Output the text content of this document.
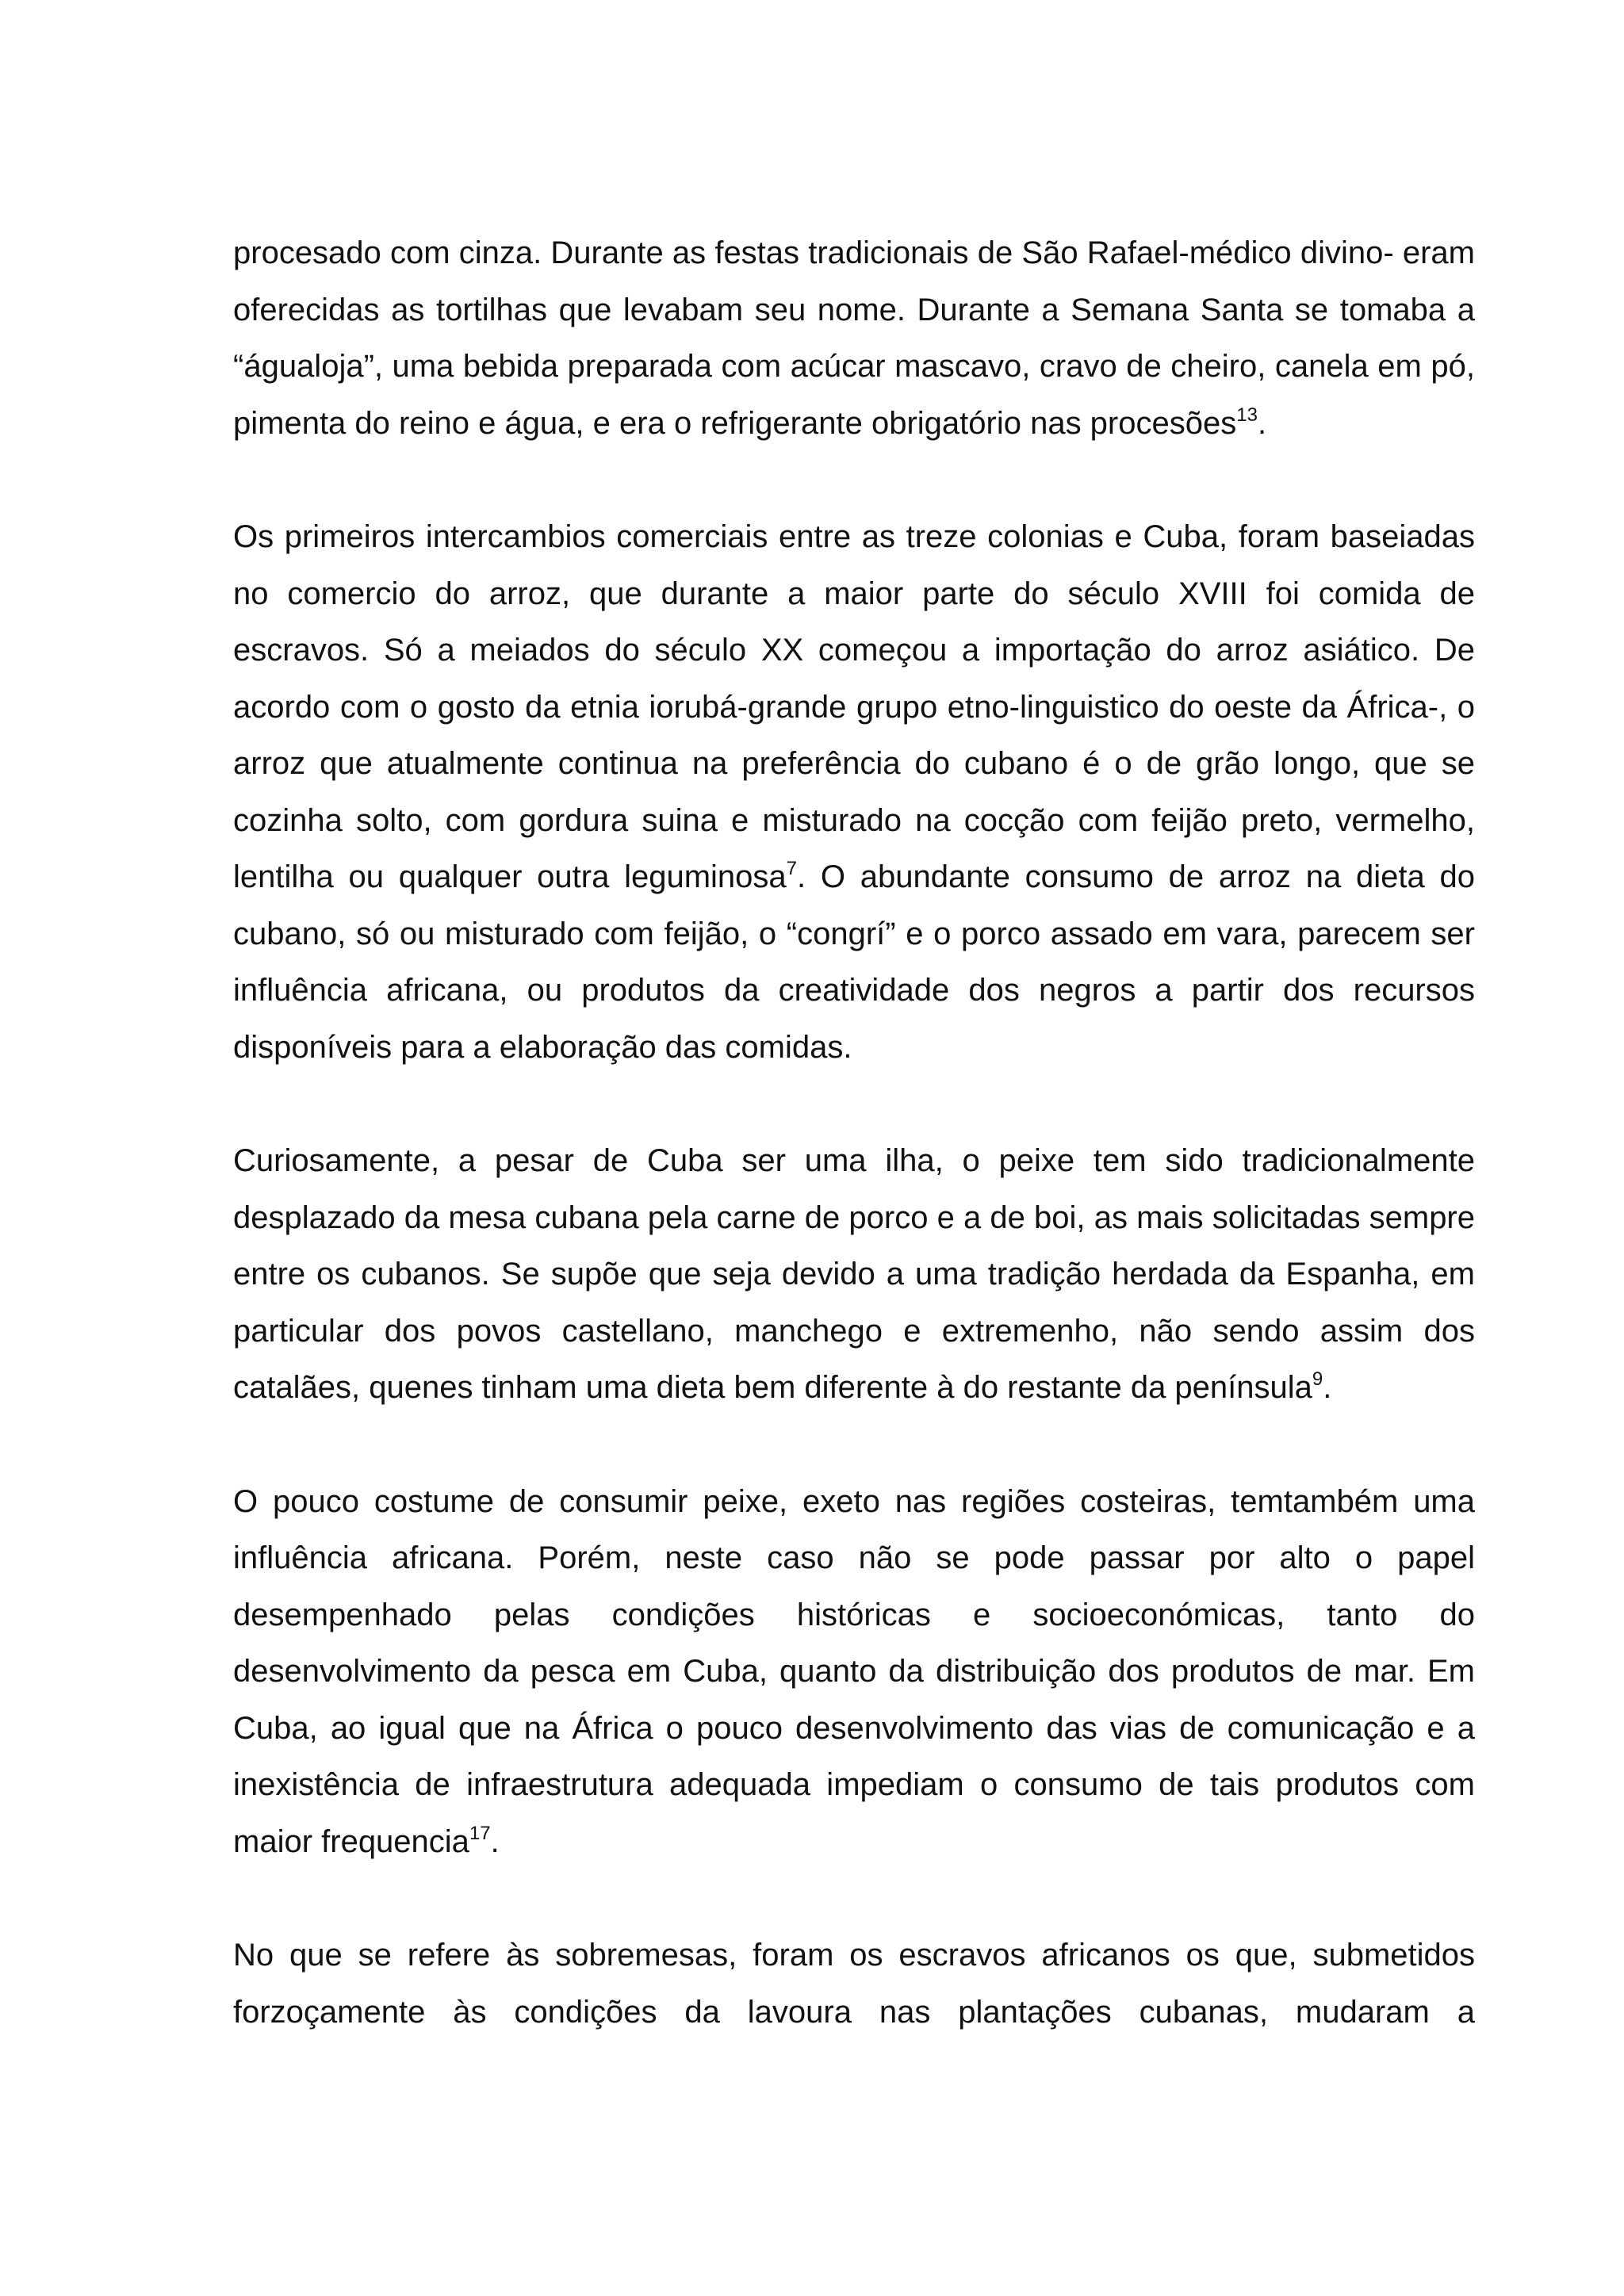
procesado com cinza. Durante as festas tradicionais de São Rafael-médico divino- eram oferecidas as tortilhas que levabam seu nome. Durante a Semana Santa se tomaba a “águaloja”, uma bebida preparada com acúcar mascavo, cravo de cheiro, canela em pó, pimenta do reino e água, e era o refrigerante obrigatório nas procesões$^{13}$.

Os primeiros intercambios comerciais entre as treze colonias e Cuba, foram baseiadas no comercio do arroz, que durante a maior parte do século XVIII foi comida de escravos. Só a meiados do século XX começou a importação do arroz asiático. De acordo com o gosto da etnia iorubá-grande grupo etno-linguistico do oeste da África-, o arroz que atualmente continua na preferência do cubano é o de grão longo, que se cozinha solto, com gordura suina e misturado na cocção com feijão preto, vermelho, lentilha ou qualquer outra leguminosa$^7$. O abundante consumo de arroz na dieta do cubano, só ou misturado com feijão, o “congrí” e o porco assado em vara, parecem ser influência africana, ou produtos da creatividade dos negros a partir dos recursos disponíveis para a elaboração das comidas.

Curiosamente, a pesar de Cuba ser uma ilha, o peixe tem sido tradicionalmente desplazado da mesa cubana pela carne de porco e a de boi, as mais solicitadas sempre entre os cubanos. Se supõe que seja devido a uma tradição herdada da Espanha, em particular dos povos castellano, manchego e extremenho, não sendo assim dos catalães, quenes tinham uma dieta bem diferente à do restante da península$^9$.

O pouco costume de consumir peixe, exeto nas regiões costeiras, temtambém uma influência africana. Porém, neste caso não se pode passar por alto o papel desempenhado pelas condições históricas e socioeconómicas, tanto do desenvolvimento da pesca em Cuba, quanto da distribuição dos produtos de mar. Em Cuba, ao igual que na África o pouco desenvolvimento das vias de comunicação e a inexistência de infraestrutura adequada impediam o consumo de tais produtos com maior frequencia$^{17}$.

No que se refere às sobremesas, foram os escravos africanos os que, submetidos forzoçamente às condições da lavoura nas plantações cubanas, mudaram a
